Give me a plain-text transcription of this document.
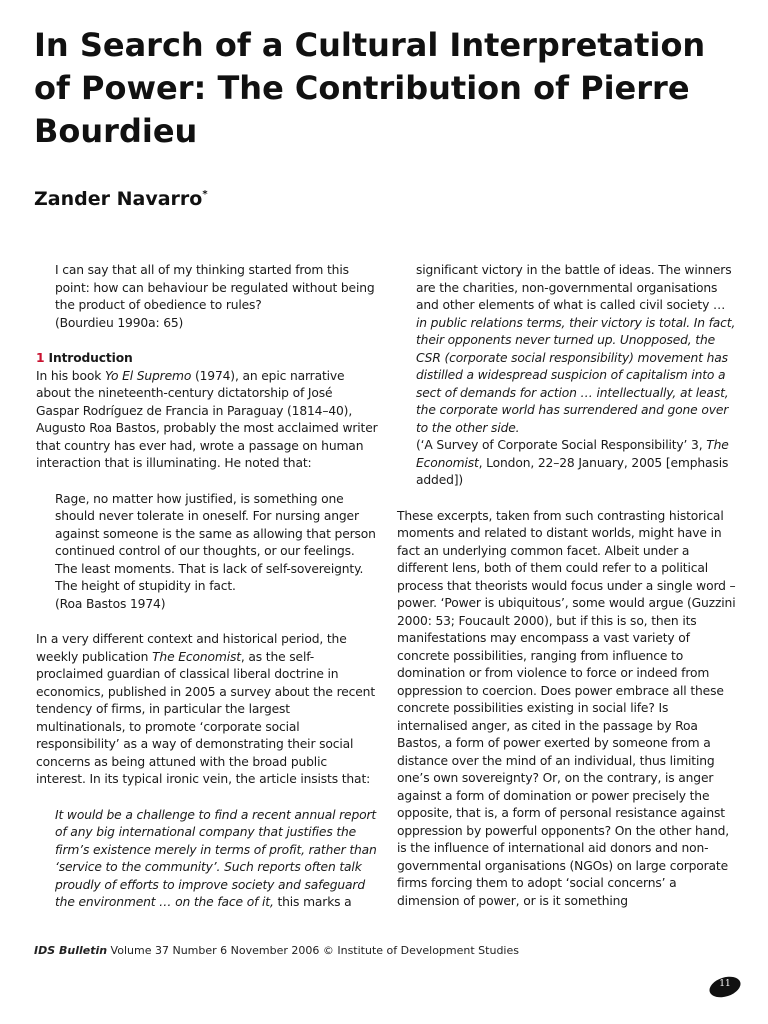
In Search of a Cultural Interpretation of Power: The Contribution of Pierre Bourdieu

Zander Navarro*

I can say that all of my thinking started from this point: how can behaviour be regulated without being the product of obedience to rules?

(Bourdieu 1990a: 65)

1 Introduction

In his book Yo El Supremo (1974), an epic narrative about the nineteenth-century dictatorship of José Gaspar Rodríguez de Francia in Paraguay (1814–40), Augusto Roa Bastos, probably the most acclaimed writer that country has ever had, wrote a passage on human interaction that is illuminating. He noted that:

Rage, no matter how justified, is something one should never tolerate in oneself. For nursing anger against someone is the same as allowing that person continued control of our thoughts, or our feelings. The least moments. That is lack of self-sovereignty. The height of stupidity in fact.

(Roa Bastos 1974)

In a very different context and historical period, the weekly publication The Economist, as the self-proclaimed guardian of classical liberal doctrine in economics, published in 2005 a survey about the recent tendency of firms, in particular the largest multinationals, to promote ‘corporate social responsibility’ as a way of demonstrating their social concerns as being attuned with the broad public interest. In its typical ironic vein, the article insists that:

It would be a challenge to find a recent annual report of any big international company that justifies the firm’s existence merely in terms of profit, rather than ‘service to the community’. Such reports often talk proudly of efforts to improve society and safeguard the environment … on the face of it, this marks a

significant victory in the battle of ideas. The winners are the charities, non-governmental organisations and other elements of what is called civil society … in public relations terms, their victory is total. In fact, their opponents never turned up. Unopposed, the CSR (corporate social responsibility) movement has distilled a widespread suspicion of capitalism into a sect of demands for action … intellectually, at least, the corporate world has surrendered and gone over to the other side.

(‘A Survey of Corporate Social Responsibility’ 3, The Economist, London, 22–28 January, 2005 [emphasis added])

These excerpts, taken from such contrasting historical moments and related to distant worlds, might have in fact an underlying common facet. Albeit under a different lens, both of them could refer to a political process that theorists would focus under a single word – power. ‘Power is ubiquitous’, some would argue (Guzzini 2000: 53; Foucault 2000), but if this is so, then its manifestations may encompass a vast variety of concrete possibilities, ranging from influence to domination or from violence to force or indeed from oppression to coercion. Does power embrace all these concrete possibilities existing in social life? Is internalised anger, as cited in the passage by Roa Bastos, a form of power exerted by someone from a distance over the mind of an individual, thus limiting one’s own sovereignty? Or, on the contrary, is anger against a form of domination or power precisely the opposite, that is, a form of personal resistance against oppression by powerful opponents? On the other hand, is the influence of international aid donors and non-governmental organisations (NGOs) on large corporate firms forcing them to adopt ‘social concerns’ a dimension of power, or is it something

IDS Bulletin Volume 37 Number 6 November 2006 © Institute of Development Studies
11
